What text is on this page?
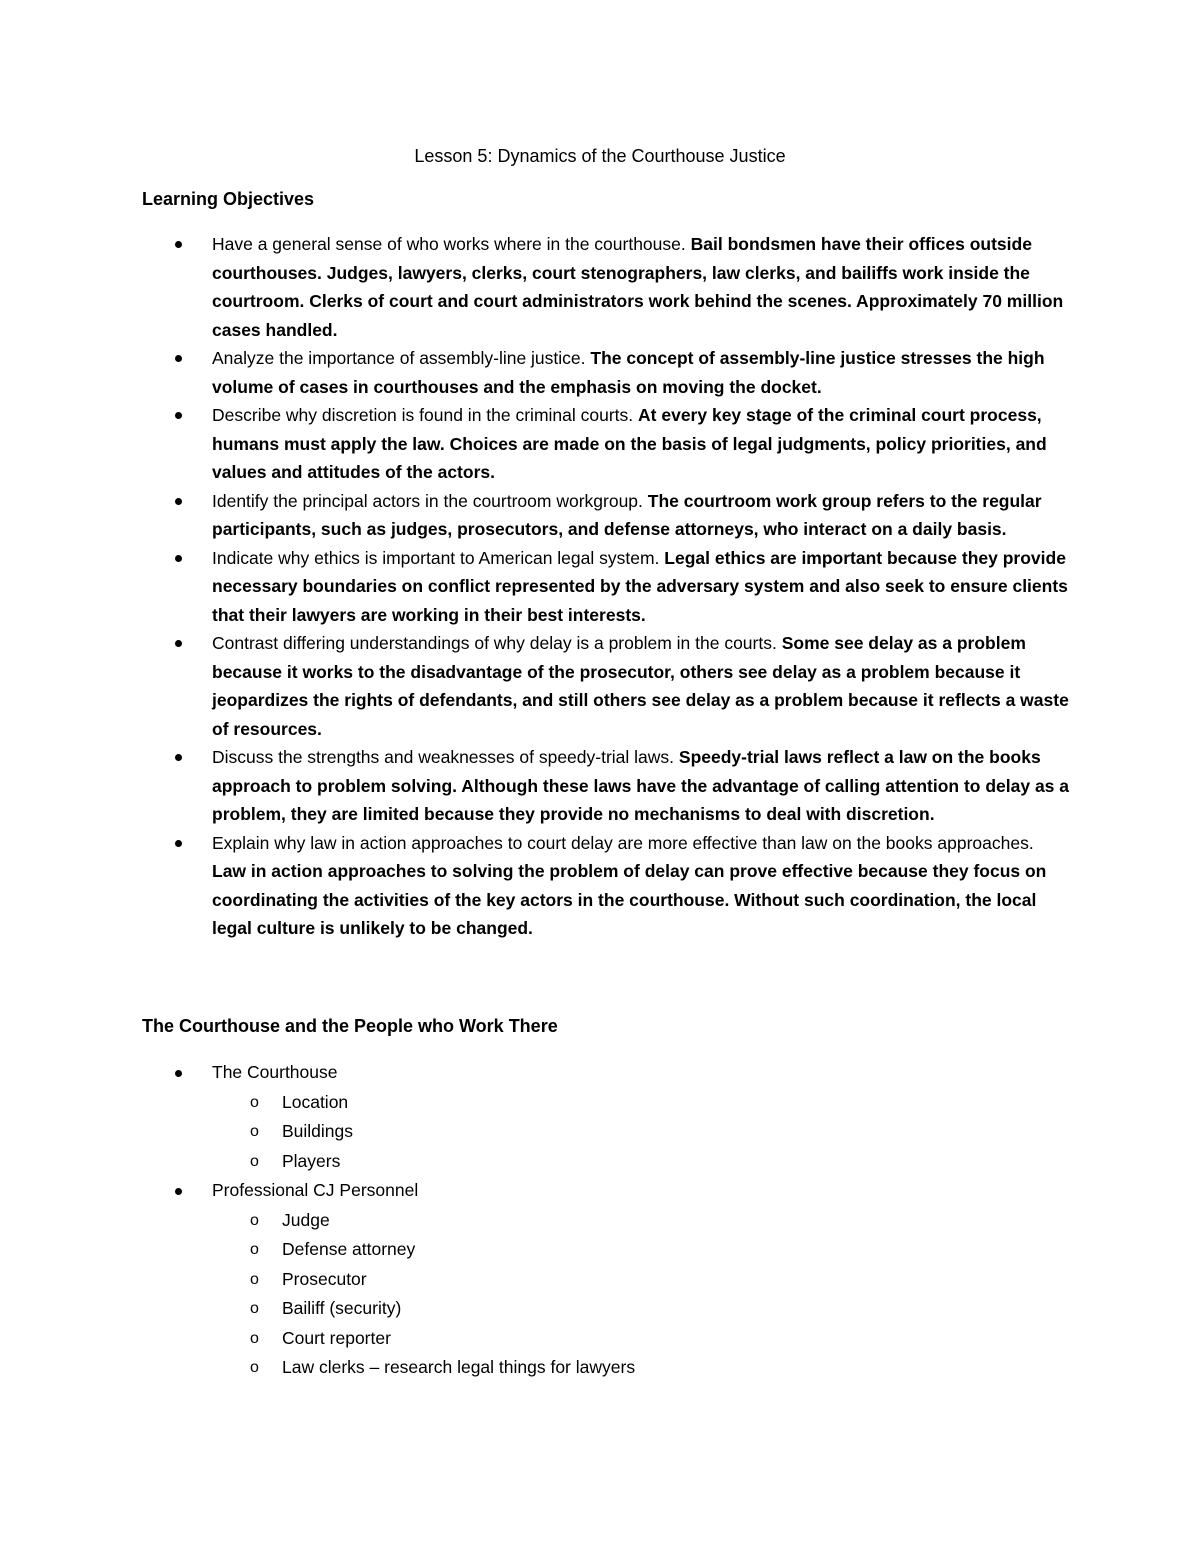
Lesson 5: Dynamics of the Courthouse Justice
Learning Objectives
Have a general sense of who works where in the courthouse. Bail bondsmen have their offices outside courthouses. Judges, lawyers, clerks, court stenographers, law clerks, and bailiffs work inside the courtroom. Clerks of court and court administrators work behind the scenes. Approximately 70 million cases handled.
Analyze the importance of assembly-line justice. The concept of assembly-line justice stresses the high volume of cases in courthouses and the emphasis on moving the docket.
Describe why discretion is found in the criminal courts. At every key stage of the criminal court process, humans must apply the law. Choices are made on the basis of legal judgments, policy priorities, and values and attitudes of the actors.
Identify the principal actors in the courtroom workgroup. The courtroom work group refers to the regular participants, such as judges, prosecutors, and defense attorneys, who interact on a daily basis.
Indicate why ethics is important to American legal system. Legal ethics are important because they provide necessary boundaries on conflict represented by the adversary system and also seek to ensure clients that their lawyers are working in their best interests.
Contrast differing understandings of why delay is a problem in the courts. Some see delay as a problem because it works to the disadvantage of the prosecutor, others see delay as a problem because it jeopardizes the rights of defendants, and still others see delay as a problem because it reflects a waste of resources.
Discuss the strengths and weaknesses of speedy-trial laws. Speedy-trial laws reflect a law on the books approach to problem solving. Although these laws have the advantage of calling attention to delay as a problem, they are limited because they provide no mechanisms to deal with discretion.
Explain why law in action approaches to court delay are more effective than law on the books approaches. Law in action approaches to solving the problem of delay can prove effective because they focus on coordinating the activities of the key actors in the courthouse. Without such coordination, the local legal culture is unlikely to be changed.
The Courthouse and the People who Work There
The Courthouse
o Location
o Buildings
o Players
Professional CJ Personnel
o Judge
o Defense attorney
o Prosecutor
o Bailiff (security)
o Court reporter
o Law clerks – research legal things for lawyers
